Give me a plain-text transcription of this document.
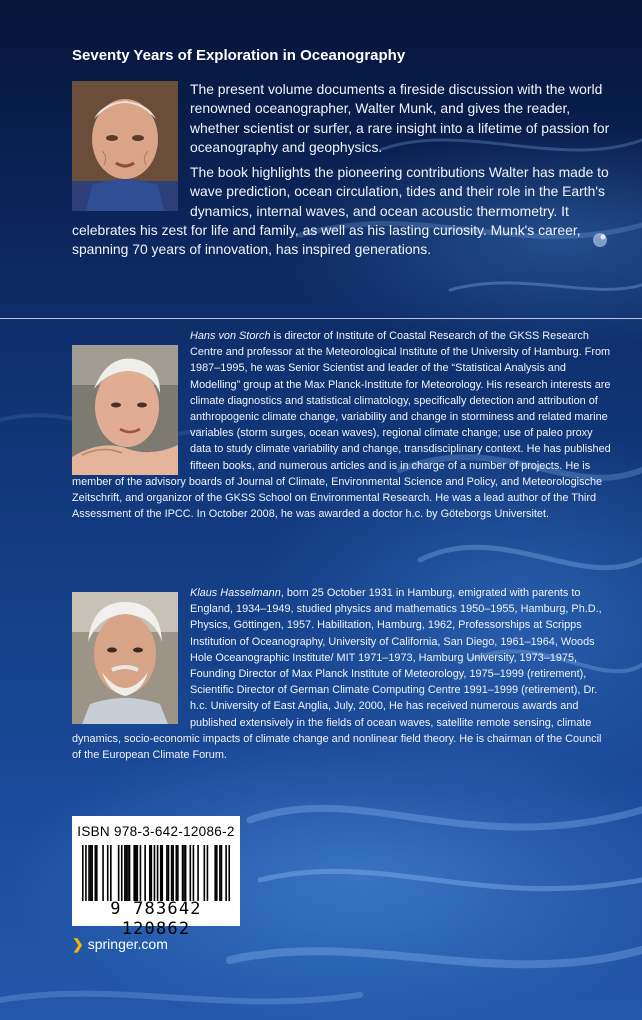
Seventy Years of Exploration in Oceanography

The present volume documents a fireside discussion with the world renowned oceanographer, Walter Munk, and gives the reader, whether scientist or surfer, a rare insight into a lifetime of passion for oceanography and geophysics.

The book highlights the pioneering contributions Walter has made to wave prediction, ocean circulation, tides and their role in the Earth's dynamics, internal waves, and ocean acoustic thermometry. It celebrates his zest for life and family, as well as his lasting curiosity. Munk's career, spanning 70 years of innovation, has inspired generations.

Hans von Storch is director of Institute of Coastal Research of the GKSS Research Centre and professor at the Meteorological Institute of the University of Hamburg. From 1987–1995, he was Senior Scientist and leader of the “Statistical Analysis and Modelling” group at the Max Planck-Institute for Meteorology. His research interests are climate diagnostics and statistical climatology, specifically detection and attribution of anthropogenic climate change, variability and change in storminess and related marine variables (storm surges, ocean waves), regional climate change; use of paleo proxy data to study climate variability and change, transdisciplinary context. He has published fifteen books, and numerous articles and is in charge of a number of projects. He is member of the advisory boards of Journal of Climate, Environmental Science and Policy, and Meteorologische Zeitschrift, and organizor of the GKSS School on Environmental Research. He was a lead author of the Third Assessment of the IPCC. In October 2008, he was awarded a doctor h.c. by Göteborgs Universitet.

Klaus Hasselmann, born 25 October 1931 in Hamburg, emigrated with parents to England, 1934–1949, studied physics and mathematics 1950–1955, Hamburg, Ph.D., Physics, Göttingen, 1957. Habilitation, Hamburg, 1962, Professorships at Scripps Institution of Oceanography, University of California, San Diego, 1961–1964, Woods Hole Oceanographic Institute/ MIT 1971–1973, Hamburg University, 1973–1975, Founding Director of Max Planck Institute of Meteorology, 1975–1999 (retirement), Scientific Director of German Climate Computing Centre 1991–1999 (retirement), Dr. h.c. University of East Anglia, July, 2000, He has received numerous awards and published extensively in the fields of ocean waves, satellite remote sensing, climate dynamics, socio-economic impacts of climate change and nonlinear field theory. He is chairman of the Council of the European Climate Forum.

ISBN 978-3-642-12086-2
9 783642 120862
❯ springer.com
